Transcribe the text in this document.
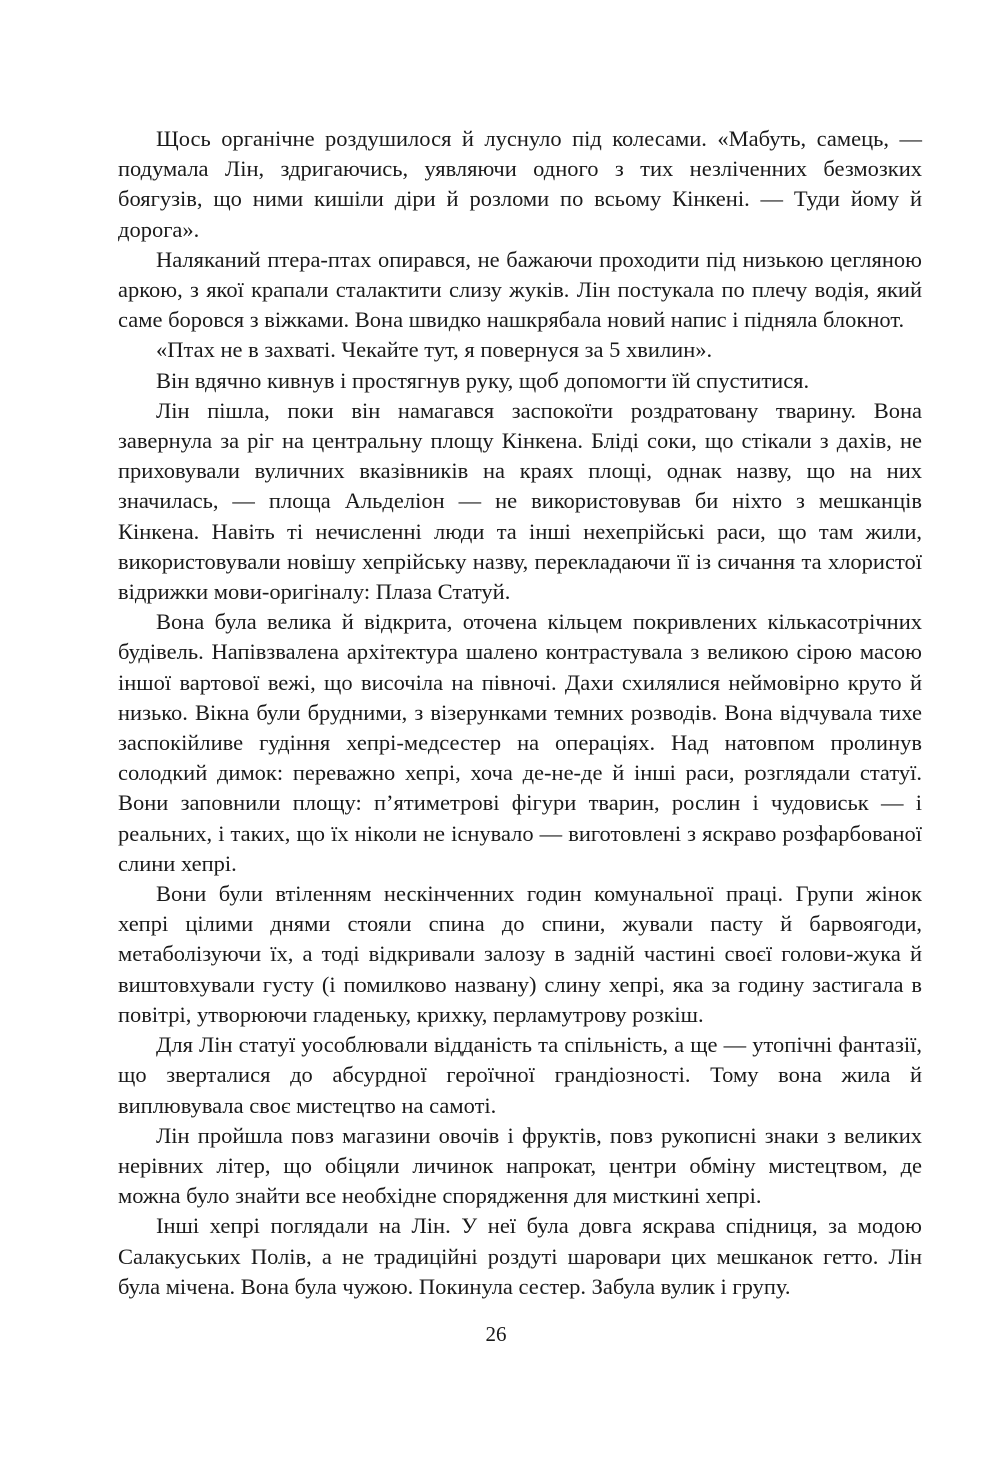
Щось органічне роздушилося й луснуло під колесами. «Мабуть, самець, — подумала Лін, здригаючись, уявляючи одного з тих незліченних безмозких боягузів, що ними кишіли діри й розломи по всьому Кінкені. — Туди йому й дорога».

Наляканий птера-птах опирався, не бажаючи проходити під низькою цегляною аркою, з якої крапали сталактити слизу жуків. Лін постукала по плечу водія, який саме боровся з віжками. Вона швидко нашкрябала новий напис і підняла блокнот.

«Птах не в захваті. Чекайте тут, я повернуся за 5 хвилин».

Він вдячно кивнув і простягнув руку, щоб допомогти їй спуститися.

Лін пішла, поки він намагався заспокоїти роздратовану тварину. Вона завернула за ріг на центральну площу Кінкена. Бліді соки, що стікали з дахів, не приховували вуличних вказівників на краях площі, однак назву, що на них значилась, — площа Альделіон — не використовував би ніхто з мешканців Кінкена. Навіть ті нечисленні люди та інші нехепрійські раси, що там жили, використовували новішу хепрійську назву, перекладаючи її із сичання та хлористої відрижки мови-оригіналу: Плаза Статуй.

Вона була велика й відкрита, оточена кільцем покривлених кількасотрічних будівель. Напівзвалена архітектура шалено контрастувала з великою сірою масою іншої вартової вежі, що височіла на півночі. Дахи схилялися неймовірно круто й низько. Вікна були брудними, з візерунками темних розводів. Вона відчувала тихе заспокійливе гудіння хепрі-медсестер на операціях. Над натовпом пролинув солодкий димок: переважно хепрі, хоча де-не-де й інші раси, розглядали статуї. Вони заповнили площу: п’ятиметрові фігури тварин, рослин і чудовиськ — і реальних, і таких, що їх ніколи не існувало — виготовлені з яскраво розфарбованої слини хепрі.

Вони були втіленням нескінченних годин комунальної праці. Групи жінок хепрі цілими днями стояли спина до спини, жували пасту й барвоягоди, метаболізуючи їх, а тоді відкривали залозу в задній частині своєї голови-жука й виштовхували густу (і помилково названу) слину хепрі, яка за годину застигала в повітрі, утворюючи гладеньку, крихку, перламутрову розкіш.

Для Лін статуї уособлювали відданість та спільність, а ще — утопічні фантазії, що зверталися до абсурдної героїчної грандіозності. Тому вона жила й виплювувала своє мистецтво на самоті.

Лін пройшла повз магазини овочів і фруктів, повз рукописні знаки з великих нерівних літер, що обіцяли личинок напрокат, центри обміну мистецтвом, де можна було знайти все необхідне спорядження для мисткині хепрі.

Інші хепрі поглядали на Лін. У неї була довга яскрава спідниця, за модою Салакуських Полів, а не традиційні роздуті шаровари цих мешканок гетто. Лін була мічена. Вона була чужою. Покинула сестер. Забула вулик і групу.

26
